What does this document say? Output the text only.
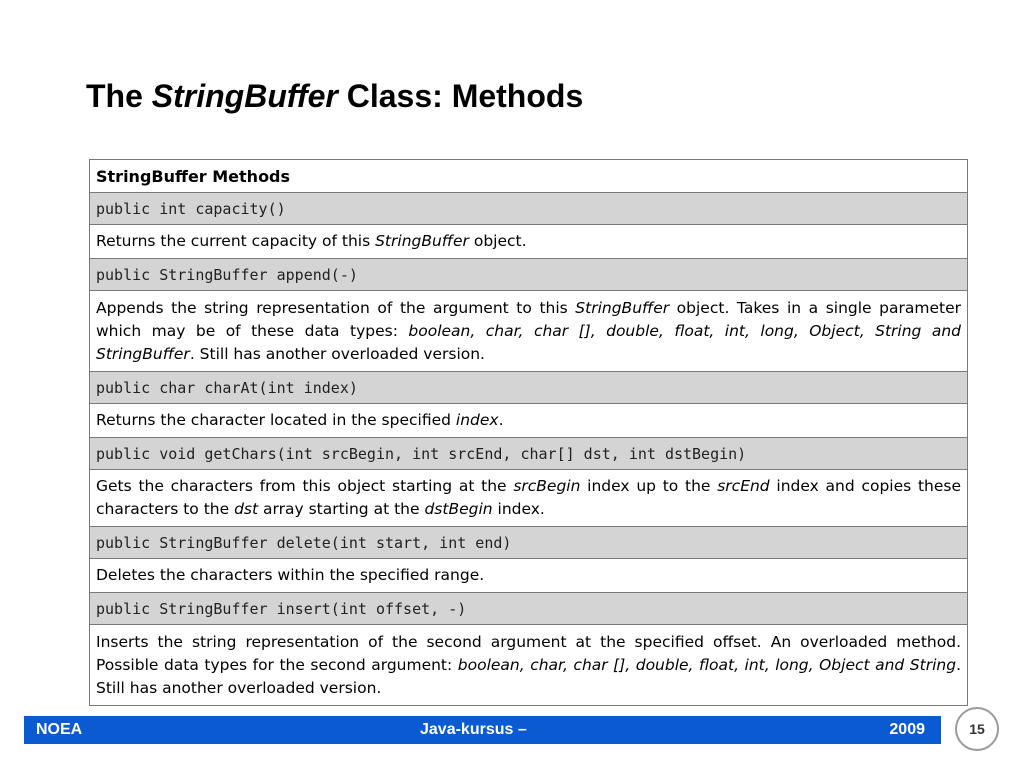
The StringBuffer Class: Methods
StringBuffer Methods
public int capacity()
Returns the current capacity of this StringBuffer object.
public StringBuffer append(-)
Appends the string representation of the argument to this StringBuffer object. Takes in a single parameter which may be of these data types: boolean, char, char [], double, float, int, long, Object, String and StringBuffer. Still has another overloaded version.
public char charAt(int index)
Returns the character located in the specified index.
public void getChars(int srcBegin, int srcEnd, char[] dst, int dstBegin)
Gets the characters from this object starting at the srcBegin index up to the srcEnd index and copies these characters to the dst array starting at the dstBegin index.
public StringBuffer delete(int start, int end)
Deletes the characters within the specified range.
public StringBuffer insert(int offset, -)
Inserts the string representation of the second argument at the specified offset. An overloaded method. Possible data types for the second argument: boolean, char, char [], double, float, int, long, Object and String. Still has another overloaded version.
NOEA	Java-kursus –	2009	15
